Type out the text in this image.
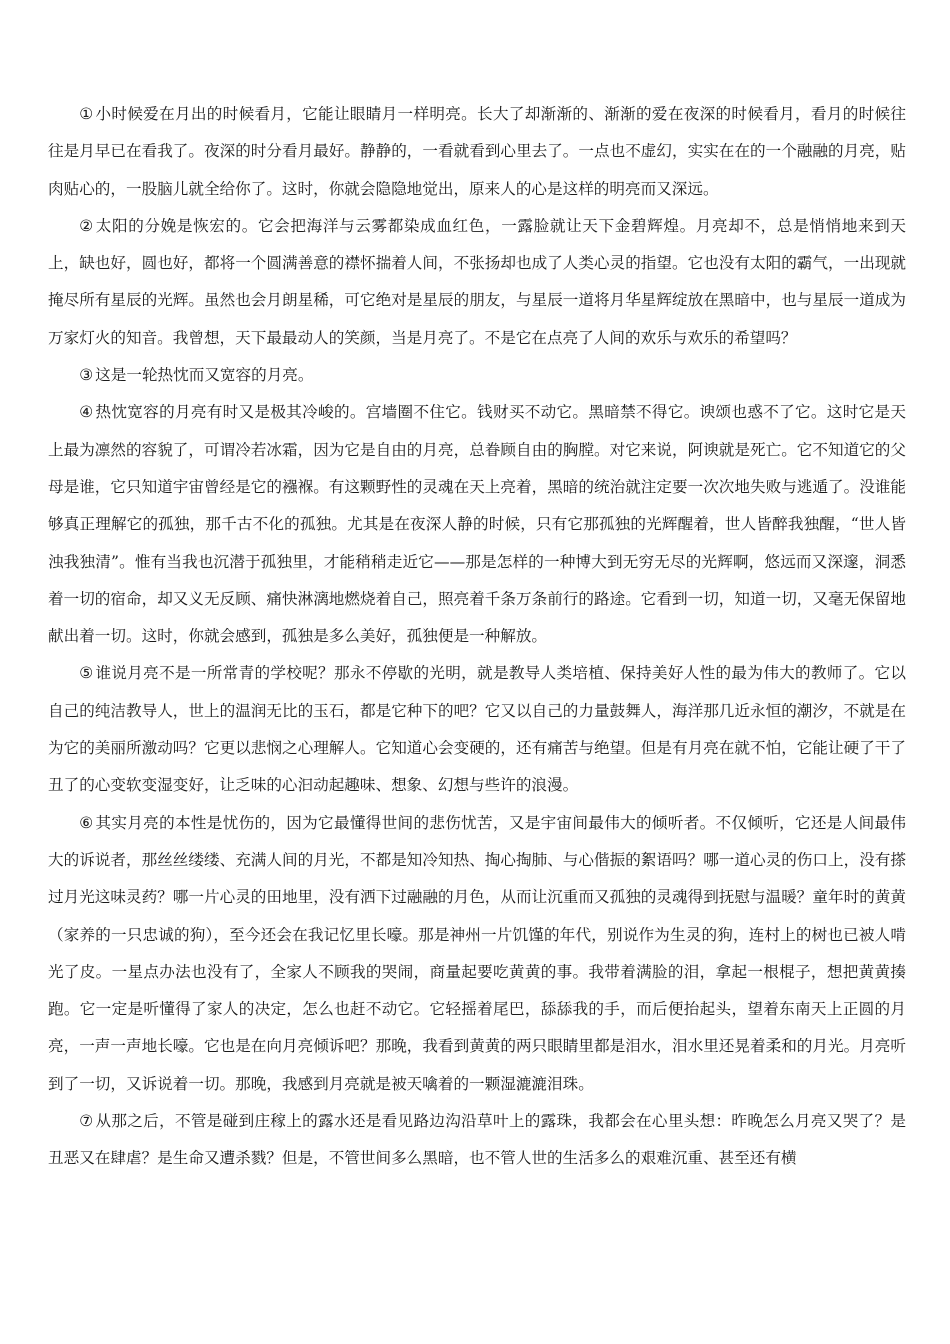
① 小时候爱在月出的时候看月，它能让眼睛月一样明亮。长大了却渐渐的、渐渐的爱在夜深的时候看月，看月的时候往往是月早已在看我了。夜深的时分看月最好。静静的，一看就看到心里去了。一点也不虚幻，实实在在的一个融融的月亮，贴肉贴心的，一股脑儿就全给你了。这时，你就会隐隐地觉出，原来人的心是这样的明亮而又深远。

② 太阳的分娩是恢宏的。它会把海洋与云雾都染成血红色，一露脸就让天下金碧辉煌。月亮却不，总是悄悄地来到天上，缺也好，圆也好，都将一个圆满善意的襟怀揣着人间，不张扬却也成了人类心灵的指望。它也没有太阳的霸气，一出现就掩尽所有星辰的光辉。虽然也会月朗星稀，可它绝对是星辰的朋友，与星辰一道将月华星辉绽放在黑暗中，也与星辰一道成为万家灯火的知音。我曾想，天下最最动人的笑颜，当是月亮了。不是它在点亮了人间的欢乐与欢乐的希望吗？

③ 这是一轮热忱而又宽容的月亮。

④ 热忱宽容的月亮有时又是极其冷峻的。宫墙圈不住它。钱财买不动它。黑暗禁不得它。谀颂也惑不了它。这时它是天上最为凛然的容貌了，可谓冷若冰霜，因为它是自由的月亮，总眷顾自由的胸膛。对它来说，阿谀就是死亡。它不知道它的父母是谁，它只知道宇宙曾经是它的襁褓。有这颗野性的灵魂在天上亮着，黑暗的统治就注定要一次次地失败与逃遁了。没谁能够真正理解它的孤独，那千古不化的孤独。尤其是在夜深人静的时候，只有它那孤独的光辉醒着，世人皆醉我独醒，“世人皆浊我独清”。惟有当我也沉潜于孤独里，才能稍稍走近它——那是怎样的一种博大到无穷无尽的光辉啊，悠远而又深邃，洞悉着一切的宿命，却又义无反顾、痛快淋漓地燃烧着自己，照亮着千条万条前行的路途。它看到一切，知道一切，又毫无保留地献出着一切。这时，你就会感到，孤独是多么美好，孤独便是一种解放。

⑤ 谁说月亮不是一所常青的学校呢？那永不停歇的光明，就是教导人类培植、保持美好人性的最为伟大的教师了。它以自己的纯洁教导人，世上的温润无比的玉石，都是它种下的吧？它又以自己的力量鼓舞人，海洋那几近永恒的潮汐，不就是在为它的美丽所激动吗？它更以悲悯之心理解人。它知道心会变硬的，还有痛苦与绝望。但是有月亮在就不怕，它能让硬了干了丑了的心变软变湿变好，让乏味的心汩动起趣味、想象、幻想与些许的浪漫。

⑥ 其实月亮的本性是忧伤的，因为它最懂得世间的悲伤忧苦，又是宇宙间最伟大的倾听者。不仅倾听，它还是人间最伟大的诉说者，那丝丝缕缕、充满人间的月光，不都是知冷知热、掏心掏肺、与心偕振的絮语吗？哪一道心灵的伤口上，没有搽过月光这味灵药？哪一片心灵的田地里，没有洒下过融融的月色，从而让沉重而又孤独的灵魂得到抚慰与温暖？童年时的黄黄（家养的一只忠诚的狗），至今还会在我记忆里长嚎。那是神州一片饥馑的年代，别说作为生灵的狗，连村上的树也已被人啃光了皮。一星点办法也没有了，全家人不顾我的哭闹，商量起要吃黄黄的事。我带着满脸的泪，拿起一根棍子，想把黄黄揍跑。它一定是听懂得了家人的决定，怎么也赶不动它。它轻摇着尾巴，舔舔我的手，而后便抬起头，望着东南天上正圆的月亮，一声一声地长嚎。它也是在向月亮倾诉吧？那晚，我看到黄黄的两只眼睛里都是泪水，泪水里还晃着柔和的月光。月亮听到了一切，又诉说着一切。那晚，我感到月亮就是被天噙着的一颗湿漉漉泪珠。

⑦ 从那之后，不管是碰到庄稼上的露水还是看见路边沟沿草叶上的露珠，我都会在心里头想：昨晚怎么月亮又哭了？是丑恶又在肆虐？是生命又遭杀戮？但是，不管世间多么黑暗，也不管人世的生活多么的艰难沉重、甚至还有横
